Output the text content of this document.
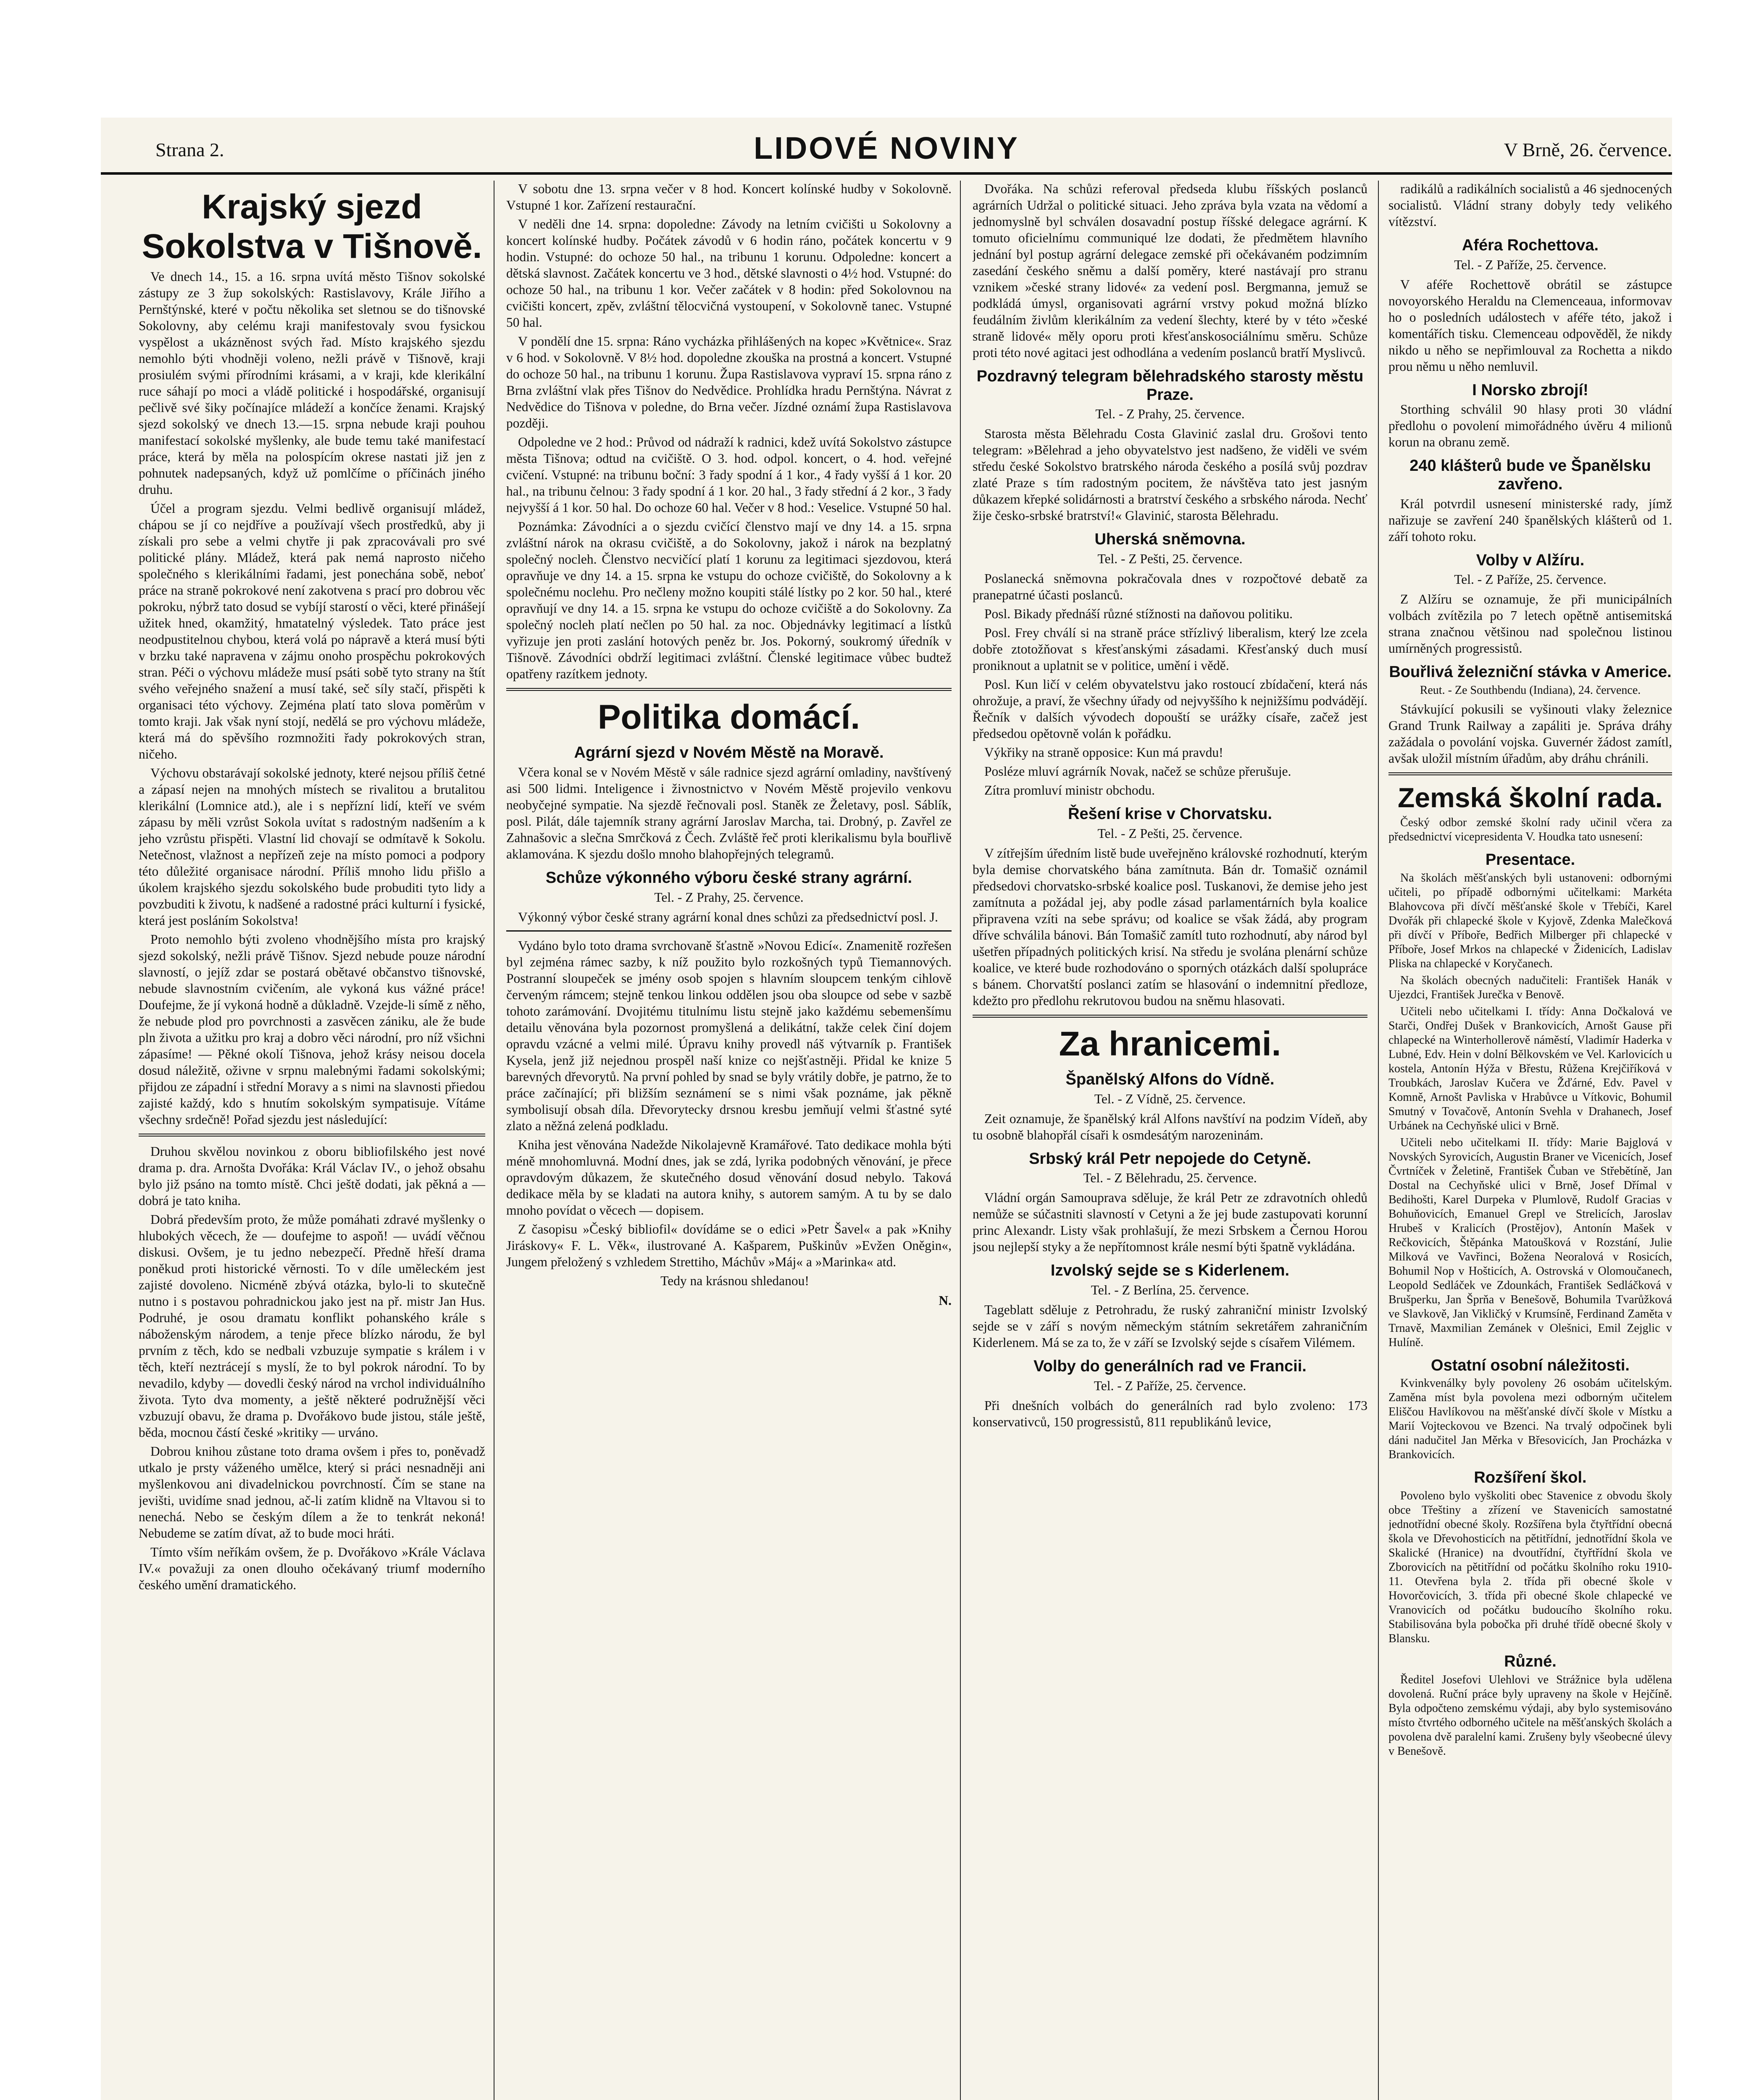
Strana 2.	LIDOVÉ NOVINY	V Brně, 26. července.
Krajský sjezd Sokolstva v Tišnově.

Ve dnech 14., 15. a 16. srpna uvítá město Tišnov sokolské zástupy ze 3 žup sokolských: Rastislavovy, Krále Jiřího a Pernštýnské, které v počtu několika set sletnou se do tišnovské Sokolovny, aby celému kraji manifestovaly svou fysickou vyspělost a ukázněnost svých řad. Místo krajského sjezdu nemohlo býti vhodněji voleno, nežli právě v Tišnově, kraji prosiulém svými přírodními krásami, a v kraji, kde klerikální ruce sáhají po moci a vládě politické i hospodářské, organisují pečlivě své šiky počínajíce mládeží a končíce ženami. Krajský sjezd sokolský ve dnech 13.—15. srpna nebude kraji pouhou manifestací sokolské myšlenky, ale bude temu také manifestací práce, která by měla na polospícím okrese nastati již jen z pohnutek nadepsaných, když už pomlčíme o příčinách jiného druhu.

Účel a program sjezdu. Velmi bedlivě organisují mládež, chápou se jí co nejdříve a používají všech prostředků, aby ji získali pro sebe a velmi chytře ji pak zpracovávali pro své politické plány. Mládež, která pak nemá naprosto ničeho společného s klerikálními řadami, jest ponechána sobě, neboť práce na straně pokrokové není zakotvena s prací pro dobrou věc pokroku, nýbrž tato dosud se vybíjí starostí o věci, které přinášejí užitek hned, okamžitý, hmatatelný výsledek. Tato práce jest neodpustitelnou chybou, která volá po nápravě a která musí býti v brzku také napravena v zájmu onoho prospěchu pokrokových stran. Péči o výchovu mládeže musí psáti sobě tyto strany na štít svého veřejného snažení a musí také, seč síly stačí, přispěti k organisaci této výchovy. Zejména platí tato slova poměrům v tomto kraji. Jak však nyní stojí, nedělá se pro výchovu mládeže, která má do spěvšího rozmnožiti řady pokrokových stran, ničeho.

Výchovu obstarávají sokolské jednoty, které nejsou příliš četné a zápasí nejen na mnohých místech se rivalitou a brutalitou klerikální (Lomnice atd.), ale i s nepřízní lidí, kteří ve svém zápasu by měli vzrůst Sokola uvítat s radostným nadšením a k jeho vzrůstu přispěti. Vlastní lid chovají se odmítavě k Sokolu. Netečnost, vlažnost a nepřízeň zeje na místo pomoci a podpory této důležité organisace národní. Příliš mnoho lidu přišlo a úkolem krajského sjezdu sokolského bude probuditi tyto lidy a povzbuditi k životu, k nadšené a radostné práci kulturní i fysické, která jest posláním Sokolstva!

Proto nemohlo býti zvoleno vhodnějšího místa pro krajský sjezd sokolský, nežli právě Tišnov. Sjezd nebude pouze národní slavností, o jejíž zdar se postará obětavé občanstvo tišnovské, nebude slavnostním cvičením, ale vykoná kus vážné práce! Doufejme, že jí vykoná hodně a důkladně. Vzejde-li símě z něho, že nebude plod pro povrchnosti a zasvěcen zániku, ale že bude pln života a užitku pro kraj a dobro věci národní, pro níž všichni zápasíme! — Pěkné okolí Tišnova, jehož krásy neisou docela dosud náležitě, oživne v srpnu malebnými řadami sokolskými; přijdou ze západní i střední Moravy a s nimi na slavnosti přiedou zajisté každý, kdo s hnutím sokolským sympatisuje. Vítáme všechny srdečně! Pořad sjezdu jest následující:

Druhou skvělou novinkou z oboru bibliofilského jest nové drama p. dra. Arnošta Dvořáka: Král Václav IV., o jehož obsahu bylo již psáno na tomto místě. Chci ještě dodati, jak pěkná a — dobrá je tato kniha.

Dobrá především proto, že může pomáhati zdravé myšlenky o hlubokých věcech, že — doufejme to aspoň! — uvádí věčnou diskusi. Ovšem, je tu jedno nebezpečí. Předně hřeší drama poněkud proti historické věrnosti. To v díle uměleckém jest zajisté dovoleno. Nicméně zbývá otázka, bylo-li to skutečně nutno i s postavou pohradnickou jako jest na př. mistr Jan Hus. Podruhé, je osou dramatu konflikt pohanského krále s náboženským národem, a tenje přece blízko národu, že byl prvním z těch, kdo se nedbali vzbuzuje sympatie s králem i v těch, kteří neztrácejí s myslí, že to byl pokrok národní. To by nevadilo, kdyby — dovedli český národ na vrchol individuálního života. Tyto dva momenty, a ještě některé podružnější věci vzbuzují obavu, že drama p. Dvořákovo bude jistou, stále ještě, běda, mocnou částí české »kritiky — urváno.

Dobrou knihou zůstane toto drama ovšem i přes to, poněvadž utkalo je prsty váženého umělce, který si práci nesnadněji ani myšlenkovou ani divadelnickou povrchností. Čím se stane na jevišti, uvidíme snad jednou, ač-li zatím klidně na Vltavou si to nenechá. Nebo se českým dílem a že to tenkrát nekoná! Nebudeme se zatím dívat, až to bude moci hráti.

Tímto vším neříkám ovšem, že p. Dvořákovo »Krále Václava IV.« považuji za onen dlouho očekávaný triumf moderního českého umění dramatického.

V sobotu dne 13. srpna večer v 8 hod. Koncert kolínské hudby v Sokolovně. Vstupné 1 kor. Zařízení restaurační.

V neděli dne 14. srpna: dopoledne: Závody na letním cvičišti u Sokolovny a koncert kolínské hudby. Počátek závodů v 6 hodin ráno, počátek koncertu v 9 hodin. Vstupné: do ochoze 50 hal., na tribunu 1 korunu. Odpoledne: koncert a dětská slavnost. Začátek koncertu ve 3 hod., dětské slavnosti o 4½ hod. Vstupné: do ochoze 50 hal., na tribunu 1 kor. Večer začátek v 8 hodin: před Sokolovnou na cvičišti koncert, zpěv, zvláštní tělocvičná vystoupení, v Sokolovně tanec. Vstupné 50 hal.

V pondělí dne 15. srpna: Ráno vycházka přihlášených na kopec »Květnice«. Sraz v 6 hod. v Sokolovně. V 8½ hod. dopoledne zkouška na prostná a koncert. Vstupné do ochoze 50 hal., na tribunu 1 korunu. Župa Rastislavova vypraví 15. srpna ráno z Brna zvláštní vlak přes Tišnov do Nedvědice. Prohlídka hradu Pernštýna. Návrat z Nedvědice do Tišnova v poledne, do Brna večer. Jízdné oznámí župa Rastislavova později.

Odpoledne ve 2 hod.: Průvod od nádraží k radnici, kdež uvítá Sokolstvo zástupce města Tišnova; odtud na cvičiště. O 3. hod. odpol. koncert, o 4. hod. veřejné cvičení. Vstupné: na tribunu boční: 3 řady spodní á 1 kor., 4 řady vyšší á 1 kor. 20 hal., na tribunu čelnou: 3 řady spodní á 1 kor. 20 hal., 3 řady střední á 2 kor., 3 řady nejvyšší á 1 kor. 50 hal. Do ochoze 60 hal. Večer v 8 hod.: Veselice. Vstupné 50 hal.

Poznámka: Závodníci a o sjezdu cvičící členstvo mají ve dny 14. a 15. srpna zvláštní nárok na okrasu cvičiště, a do Sokolovny, jakož i nárok na bezplatný společný nocleh. Členstvo necvičící platí 1 korunu za legitimaci sjezdovou, která opravňuje ve dny 14. a 15. srpna ke vstupu do ochoze cvičiště, do Sokolovny a k společnému noclehu. Pro nečleny možno koupiti stálé lístky po 2 kor. 50 hal., které opravňují ve dny 14. a 15. srpna ke vstupu do ochoze cvičiště a do Sokolovny. Za společný nocleh platí nečlen po 50 hal. za noc. Objednávky legitimací a lístků vyřizuje jen proti zaslání hotových peněz br. Jos. Pokorný, soukromý úředník v Tišnově. Závodníci obdrží legitimaci zvláštní. Členské legitimace vůbec budtež opatřeny razítkem jednoty.

Politika domácí.
Agrární sjezd v Novém Městě na Moravě.

Včera konal se v Novém Městě v sále radnice sjezd agrární omladiny, navštívený asi 500 lidmi. Inteligence i živnostnictvo v Novém Městě projevilo venkovu neobyčejné sympatie. Na sjezdě řečnovali posl. Staněk ze Želetavy, posl. Sáblík, posl. Pilát, dále tajemník strany agrární Jaroslav Marcha, tai. Drobný, p. Zavřel ze Zahnašovic a slečna Smrčková z Čech. Zvláště řeč proti klerikalismu byla bouřlivě aklamována. K sjezdu došlo mnoho blahopřejných telegramů.

Schůze výkonného výboru české strany agrární.
Tel. - Z Prahy, 25. července.

Výkonný výbor české strany agrární konal dnes schůzi za předsednictví posl. J.

Vydáno bylo toto drama svrchovaně šťastně »Novou Edicí«. Znamenitě rozřešen byl zejména rámec sazby, k níž použito bylo rozkošných typů Tiemannových. Postranní sloupeček se jmény osob spojen s hlavním sloupcem tenkým cihlově červeným rámcem; stejně tenkou linkou oddělen jsou oba sloupce od sebe v sazbě tohoto zarámování. Dvojitému titulnímu listu stejně jako každému sebemenšímu detailu věnována byla pozornost promyšlená a delikátní, takže celek činí dojem opravdu vzácné a velmi milé. Úpravu knihy provedl náš výtvarník p. František Kysela, jenž již nejednou prospěl naší knize co nejšťastněji. Přidal ke knize 5 barevných dřevorytů. Na první pohled by snad se byly vrátily dobře, je patrno, že to práce začínající; při bližším seznámení se s nimi však poznáme, jak pěkně symbolisují obsah díla. Dřevorytecky drsnou kresbu jemňují velmi šťastné syté zlato a něžná zelená podkladu.

Kniha jest věnována Nadežde Nikolajevně Kramářové. Tato dedikace mohla býti méně mnohomluvná. Modní dnes, jak se zdá, lyrika podobných věnování, je přece opravdovým důkazem, že skutečného dosud věnování dosud nebylo. Taková dedikace měla by se kladati na autora knihy, s autorem samým. A tu by se dalo mnoho povídat o věcech — dopisem.

Z časopisu »Český bibliofil« dovídáme se o edici »Petr Šavel« a pak »Knihy Jiráskovy« F. L. Věk«, ilustrované A. Kašparem, Puškinův »Evžen Oněgin«, Jungem přeložený s vzhledem Strettiho, Máchův »Máj« a »Marinka« atd.

Tedy na krásnou shledanou!

N.

Dvořáka. Na schůzi referoval předseda klubu říšských poslanců agrárních Udržal o politické situaci. Jeho zpráva byla vzata na vědomí a jednomyslně byl schválen dosavadní postup říšské delegace agrární. K tomuto oficielnímu communiqué lze dodati, že předmětem hlavního jednání byl postup agrární delegace zemské při očekávaném podzimním zasedání českého sněmu a další poměry, které nastávají pro stranu vznikem »české strany lidové« za vedení posl. Bergmanna, jemuž se podkládá úmysl, organisovati agrární vrstvy pokud možná blízko feudálním živlům klerikálním za vedení šlechty, které by v této »české straně lidové« měly oporu proti křesťanskosociálnímu směru. Schůze proti této nové agitaci jest odhodlána a vedením poslanců bratří Myslivců.

Pozdravný telegram bělehradského starosty městu Praze.
Tel. - Z Prahy, 25. července.

Starosta města Bělehradu Costa Glavinić zaslal dru. Grošovi tento telegram: »Bělehrad a jeho obyvatelstvo jest nadšeno, že viděli ve svém středu české Sokolstvo bratrského národa českého a posílá svůj pozdrav zlaté Praze s tím radostným pocitem, že návštěva tato jest jasným důkazem křepké solidárnosti a bratrství českého a srbského národa. Nechť žije česko-srbské bratrství!« Glavinić, starosta Bělehradu.

Uherská sněmovna.
Tel. - Z Pešti, 25. července.

Poslanecká sněmovna pokračovala dnes v rozpočtové debatě za pranepatrné účasti poslanců.

Posl. Bikady přednáší různé stížnosti na daňovou politiku.

Posl. Frey chválí si na straně práce střízlivý liberalism, který lze zcela dobře ztotožňovat s křesťanskými zásadami. Křesťanský duch musí proniknout a uplatnit se v politice, umění i vědě.

Posl. Kun ličí v celém obyvatelstvu jako rostoucí zbídačení, která nás ohrožuje, a praví, že všechny úřady od nejvyššího k nejnižšímu podvádějí. Řečník v dalších vývodech dopouští se urážky císaře, začež jest předsedou opětovně volán k pořádku.

Výkřiky na straně opposice: Kun má pravdu!

Posléze mluví agrárník Novak, načež se schůze přerušuje.

Zítra promluví ministr obchodu.

Řešení krise v Chorvatsku.
Tel. - Z Pešti, 25. července.

V zítřejším úředním listě bude uveřejněno královské rozhodnutí, kterým byla demise chorvatského bána zamítnuta. Bán dr. Tomašič oznámil předsedovi chorvatsko-srbské koalice posl. Tuskanovi, že demise jeho jest zamítnuta a požádal jej, aby podle zásad parlamentárních byla koalice připravena vzíti na sebe správu; od koalice se však žádá, aby program dříve schválila bánovi. Bán Tomašič zamítl tuto rozhodnutí, aby národ byl ušetřen případných politických krisí. Na středu je svolána plenární schůze koalice, ve které bude rozhodováno o sporných otázkách další spolupráce s bánem. Chorvatští poslanci zatím se hlasování o indemnitní předloze, kdežto pro předlohu rekrutovou budou na sněmu hlasovati.

Za hranicemi.
Španělský Alfons do Vídně.
Tel. - Z Vídně, 25. července.

Zeit oznamuje, že španělský král Alfons navštíví na podzim Vídeň, aby tu osobně blahopřál císaři k osmdesátým narozeninám.

Srbský král Petr nepojede do Cetyně.
Tel. - Z Bělehradu, 25. července.

Vládní orgán Samouprava sděluje, že král Petr ze zdravotních ohledů nemůže se súčastniti slavností v Cetyni a že jej bude zastupovati korunní princ Alexandr. Listy však prohlašují, že mezi Srbskem a Černou Horou jsou nejlepší styky a že nepřítomnost krále nesmí býti špatně vykládána.

Izvolský sejde se s Kiderlenem.
Tel. - Z Berlína, 25. července.

Tageblatt sděluje z Petrohradu, že ruský zahraniční ministr Izvolský sejde se v září s novým německým státním sekretářem zahraničním Kiderlenem. Má se za to, že v září se Izvolský sejde s císařem Vilémem.

Volby do generálních rad ve Francii.
Tel. - Z Paříže, 25. července.

Při dnešních volbách do generálních rad bylo zvoleno: 173 konservativců, 150 progressistů, 811 republikánů levice,

radikálů a radikálních socialistů a 46 sjednocených socialistů. Vládní strany dobyly tedy velikého vítězství.

Aféra Rochettova.
Tel. - Z Paříže, 25. července.

V aféře Rochettově obrátil se zástupce novoyorského Heraldu na Clemenceaua, informovav ho o posledních událostech v aféře této, jakož i komentářích tisku. Clemenceau odpověděl, že nikdy nikdo u něho se nepřimlouval za Rochetta a nikdo prou němu u něho nemluvil.

I Norsko zbrojí!

Storthing schválil 90 hlasy proti 30 vládní předlohu o povolení mimořádného úvěru 4 milionů korun na obranu země.

240 klášterů bude ve Španělsku zavřeno.

Král potvrdil usnesení ministerské rady, jímž nařizuje se zavření 240 španělských klášterů od 1. září tohoto roku.

Volby v Alžíru.
Tel. - Z Paříže, 25. července.

Z Alžíru se oznamuje, že při municipálních volbách zvítězila po 7 letech opětně antisemitská strana značnou většinou nad společnou listinou umírněných progressistů.

Bouřlivá železniční stávka v Americe.
Reut. - Ze Southbendu (Indiana), 24. července.

Stávkující pokusili se vyšinouti vlaky železnice Grand Trunk Railway a zapáliti je. Správa dráhy zažádala o povolání vojska. Guvernér žádost zamítl, avšak uložil místním úřadům, aby dráhu chránili.

Zemská školní rada.

Český odbor zemské školní rady učinil včera za předsednictví vicepresidenta V. Houdka tato usnesení:

Presentace.

Na školách měšťanských byli ustanoveni: odbornými učiteli, po případě odbornými učitelkami: Markéta Blahovcova při dívčí měšťanské škole v Třebíči, Karel Dvořák při chlapecké škole v Kyjově, Zdenka Malečková při dívčí v Příboře, Bedřich Milberger při chlapecké v Příboře, Josef Mrkos na chlapecké v Židenicích, Ladislav Pliska na chlapecké v Koryčanech.

Na školách obecných nadučiteli: František Hanák v Ujezdci, František Jurečka v Benově.

Učiteli nebo učitelkami I. třídy: Anna Dočkalová ve Starči, Ondřej Dušek v Brankovicích, Arnošt Gause při chlapecké na Winterhollerově náměstí, Vladimír Haderka v Lubné, Edv. Hein v dolní Bělkovském ve Vel. Karlovicích u kostela, Antonín Hýža v Břestu, Růžena Krejčiříková v Troubkách, Jaroslav Kučera ve Žďárné, Edv. Pavel v Komně, Arnošt Pavliska v Hrabůvce u Vítkovic, Bohumil Smutný v Tovačově, Antonín Svehla v Drahanech, Josef Urbánek na Cechyňské ulici v Brně.

Učiteli nebo učitelkami II. třídy: Marie Bajglová v Novských Syrovicích, Augustin Braner ve Vicenicích, Josef Čvrtníček v Želetině, František Čuban ve Střebětíně, Jan Dostal na Cechyňské ulici v Brně, Josef Dřímal v Bedihošti, Karel Durpeka v Plumlově, Rudolf Gracias v Bohuňovicích, Emanuel Grepl ve Strelicích, Jaroslav Hrubeš v Kralicích (Prostějov), Antonín Mašek v Rečkovicích, Štěpánka Matoušková v Rozstání, Julie Milková ve Vavřinci, Božena Neoralová v Rosicích, Bohumil Nop v Hošticích, A. Ostrovská v Olomoučanech, Leopold Sedláček ve Zdounkách, František Sedláčková v Brušperku, Jan Šprňa v Benešově, Bohumila Tvarůžková ve Slavkově, Jan Vikličký v Krumsíně, Ferdinand Zaměta v Trnavě, Maxmilian Zemánek v Olešnici, Emil Zejglic v Hulíně.

Ostatní osobní náležitosti.

Kvinkvenálky byly povoleny 26 osobám učitelským. Zaměna míst byla povolena mezi odborným učitelem Eliščou Havlíkovou na měšťanské dívčí škole v Místku a Marií Vojteckovou ve Bzenci. Na trvalý odpočinek byli dáni nadučitel Jan Měrka v Břesovicích, Jan Procházka v Brankovicích.

Rozšíření škol.

Povoleno bylo vyškoliti obec Stavenice z obvodu školy obce Třeštiny a zřízení ve Stavenicích samostatné jednotřídní obecné školy. Rozšířena byla čtyřtřídní obecná škola ve Dřevohosticích na pětitřídní, jednotřídní škola ve Skalické (Hranice) na dvoutřídní, čtyřtřídní škola ve Zborovicích na pětitřídní od počátku školního roku 1910-11. Otevřena byla 2. třída při obecné škole v Hovorčovicích, 3. třída při obecné škole chlapecké ve Vranovicích od počátku budoucího školního roku. Stabilisována byla pobočka při druhé třídě obecné školy v Blansku.

Různé.

Ředitel Josefovi Ulehlovi ve Strážnice byla udělena dovolená. Ruční práce byly upraveny na škole v Hejčíně. Byla odpočteno zemskému výdaji, aby bylo systemisováno místo čtvrtého odborného učitele na měšťanských školách a povolena dvě paralelní kami. Zrušeny byly všeobecné úlevy v Benešově.
